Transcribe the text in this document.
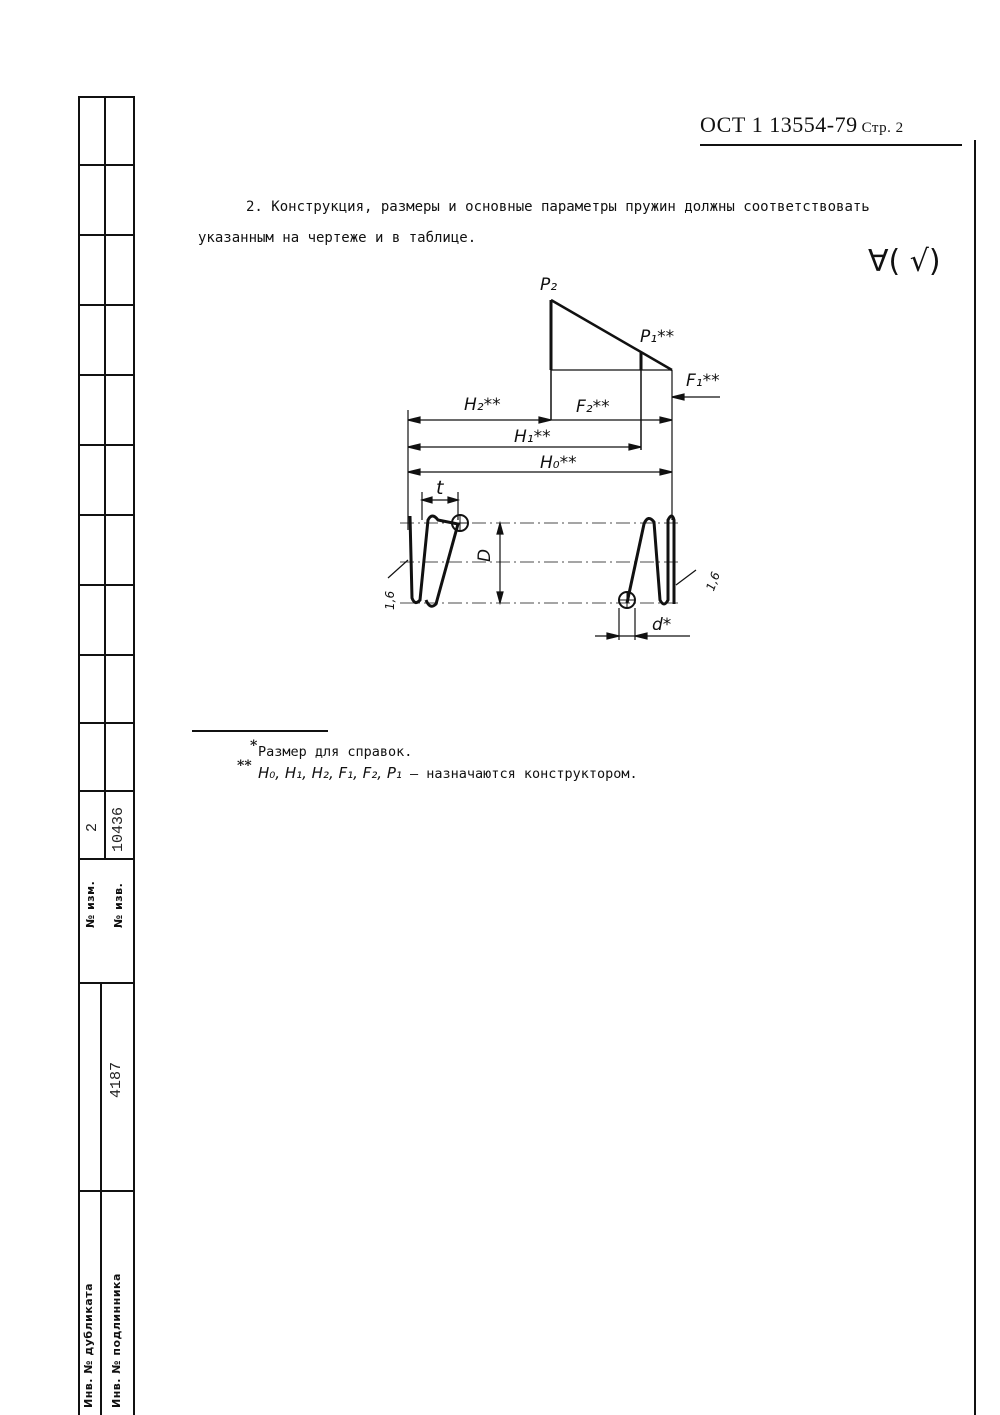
№ изм. № изв.
2 10436
4187
Инв. № дубликата Инв. № подлинника
ОСТ 1 13554-79 Стр. 2
2. Конструкция, размеры и основные параметры пружин должны соответствовать
указанным на чертеже и в таблице.
∀( √)
P₂
P₁**
F₁**
H₂**	F₂**
H₁**
H₀**
t
D
d*
1,6
1,6
* Размер для справок.
** H₀, H₁, H₂, F₁, F₂, P₁ – назначаются конструктором.
